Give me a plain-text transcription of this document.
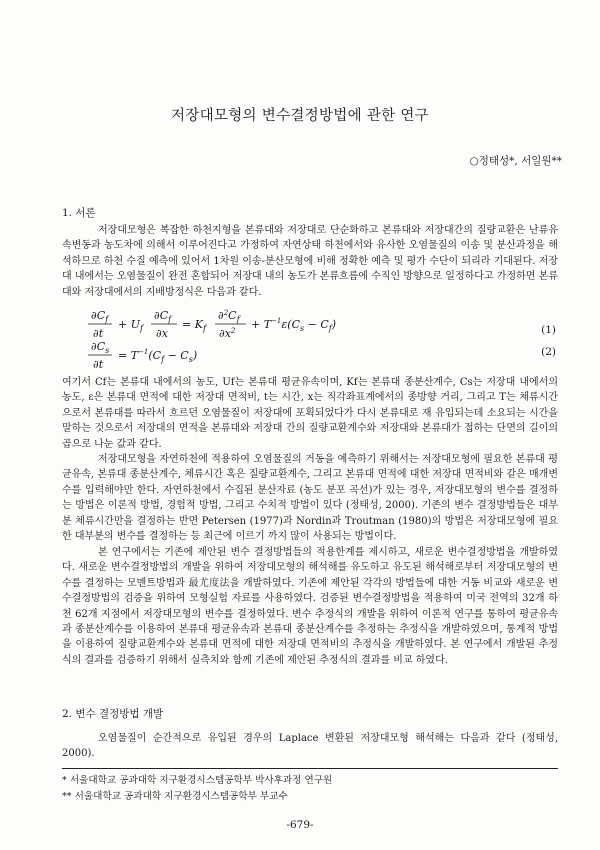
저장대모형의 변수결정방법에 관한 연구
○정태성*, 서일원**
1. 서론

저장대모형은 복잡한 하천지형을 본류대와 저장대로 단순화하고 본류대와 저장대간의 질량교환은 난류유속변동과 농도차에 의해서 이루어진다고 가정하여 자연상태 하천에서와 유사한 오염물질의 이송 및 분산과정을 해석하므로 하천 수질 예측에 있어서 1차원 이송-분산모형에 비해 정확한 예측 및 평가 수단이 되리라 기대된다. 저장대 내에서는 오염물질이 완전 혼합되어 저장대 내의 농도가 본류흐름에 수직인 방향으로 일정하다고 가정하면 본류대와 저장대에서의 지배방정식은 다음과 같다.

$\partial C_f$
∂t
+ $U_f$
$\partial C_f$
∂x
= $K_f$
$\partial^2C_f$
$\partial x^2 + T^{-1}\varepsilon(C_s - C_f)$	(1)
$\partial C_s$
∂t
= $T^{-1}(C_f - C_s)$	(2)

여기서 Cf는 본류대 내에서의 농도, Uf는 본류대 평균유속이며, Kf는 본류대 종분산계수, Cs는 저장대 내에서의 농도, ε은 본류대 면적에 대한 저장대 면적비, t는 시간, x는 직각좌표계에서의 종방향 거리, 그리고 T는 체류시간으로서 본류대를 따라서 흐르던 오염물질이 저장대에 포획되었다가 다시 본류대로 재 유입되는데 소요되는 시간을 말하는 것으로서 저장대의 면적을 본류대와 저장대 간의 질량교환계수와 저장대와 본류대가 접하는 단면의 길이의 곱으로 나눈 값과 같다.

저장대모형을 자연하천에 적용하여 오염물질의 거동을 예측하기 위해서는 저장대모형에 필요한 본류대 평균유속, 본류대 종분산계수, 체류시간 혹은 질량교환계수, 그리고 본류대 면적에 대한 저장대 면적비와 같은 매개변수를 입력해야만 한다. 자연하천에서 수집된 분산자료 (농도 분포 곡선)가 있는 경우, 저장대모형의 변수를 결정하는 방법은 이론적 방법, 경험적 방법, 그리고 수치적 방법이 있다 (정태성, 2000). 기존의 변수 결정방법들은 대부분 체류시간만을 결정하는 반면 Petersen (1977)과 Nordin과 Troutman (1980)의 방법은 저장대모형에 필요한 대부분의 변수를 결정하는 등 최근에 이르기 까지 많이 사용되는 방법이다.

본 연구에서는 기존에 제안된 변수 결정방법들의 적용한계를 제시하고, 새로운 변수결정방법을 개발하였다. 새로운 변수결정방법의 개발을 위하여 저장대모형의 해석해를 유도하고 유도된 해석해로부터 저장대모형의 변수를 결정하는 모멘트방법과 最尤度法을 개발하였다. 기존에 제안된 각각의 방법들에 대한 거동 비교와 새로운 변수결정방법의 검증을 위하여 모형실험 자료를 사용하였다. 검증된 변수결정방법을 적용하여 미국 전역의 32개 하천 62개 지점에서 저장대모형의 변수를 결정하였다. 변수 추정식의 개발을 위하여 이론적 연구를 통하여 평균유속과 종분산계수를 이용하여 본류대 평균유속과 본류대 종분산계수를 추정하는 추정식을 개발하였으며, 통계적 방법을 이용하여 질량교환계수와 본류대 면적에 대한 저장대 면적비의 추정식을 개발하였다. 본 연구에서 개발된 추정식의 결과를 검증하기 위해서 실측치와 함께 기존에 제안된 추정식의 결과를 비교 하였다.

2. 변수 결정방법 개발

오염물질이 순간적으로 유입된 경우의 Laplace 변환된 저장대모형 해석해는 다음과 같다 (정태성, 2000).

* 서울대학교 공과대학 지구환경시스템공학부 박사후과정 연구원
** 서울대학교 공과대학 지구환경시스템공학부 부교수
-679-
